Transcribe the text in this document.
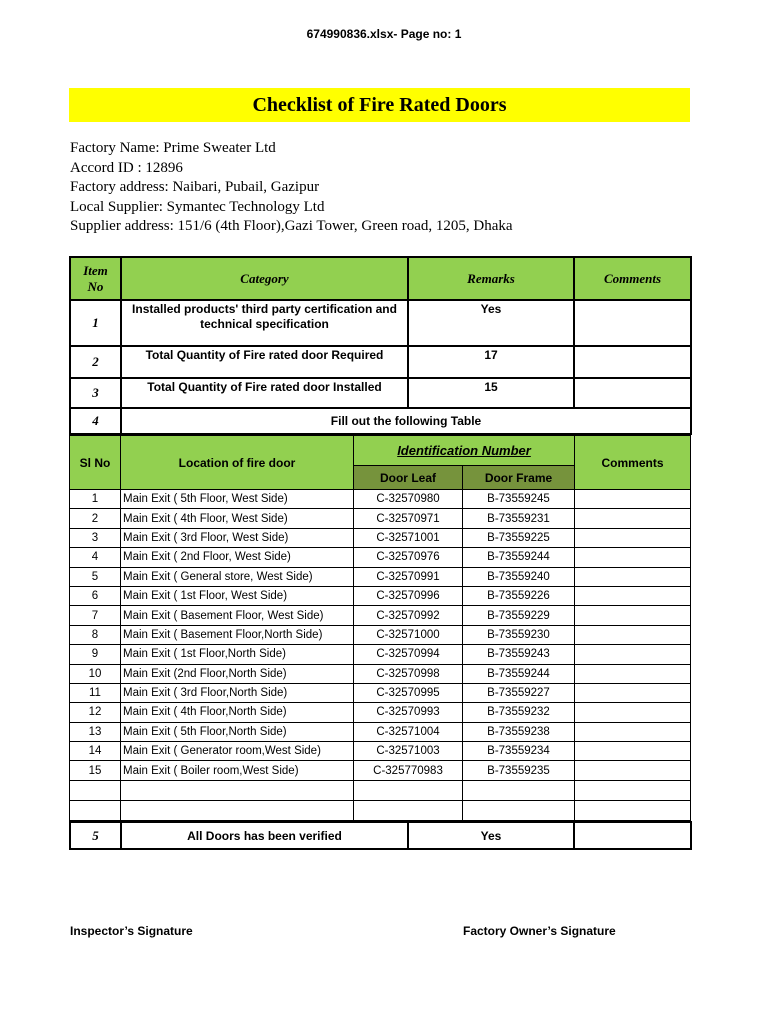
674990836.xlsx- Page no: 1
Checklist of Fire Rated Doors
Factory Name: Prime Sweater Ltd
Accord ID : 12896
Factory address: Naibari, Pubail, Gazipur
Local Supplier: Symantec Technology Ltd
Supplier address: 151/6 (4th Floor),Gazi Tower, Green road, 1205, Dhaka
Item No	Category	Remarks	Comments
1	Installed products' third party certification and technical specification	Yes	
2	Total Quantity of Fire rated door Required	17	
3	Total Quantity of Fire rated door Installed	15	
4	Fill out the following Table		
Sl No	Location of fire door	Identification Number		Comments
		Door Leaf	Door Frame	
1	Main Exit ( 5th Floor, West Side)	C-32570980	B-73559245	
2	Main Exit ( 4th Floor, West Side)	C-32570971	B-73559231	
3	Main Exit ( 3rd Floor, West Side)	C-32571001	B-73559225	
4	Main Exit ( 2nd Floor, West Side)	C-32570976	B-73559244	
5	Main Exit ( General store, West Side)	C-32570991	B-73559240	
6	Main Exit ( 1st Floor, West Side)	C-32570996	B-73559226	
7	Main Exit ( Basement Floor, West Side)	C-32570992	B-73559229	
8	Main Exit ( Basement Floor,North Side)	C-32571000	B-73559230	
9	Main Exit ( 1st Floor,North Side)	C-32570994	B-73559243	
10	Main Exit (2nd Floor,North Side)	C-32570998	B-73559244	
11	Main Exit ( 3rd Floor,North Side)	C-32570995	B-73559227	
12	Main Exit ( 4th Floor,North Side)	C-32570993	B-73559232	
13	Main Exit ( 5th Floor,North Side)	C-32571004	B-73559238	
14	Main Exit ( Generator room,West Side)	C-32571003	B-73559234	
15	Main Exit ( Boiler room,West Side)	C-325770983	B-73559235	

5	All Doors has been verified	Yes	
Inspector’s Signature	Factory Owner’s Signature
